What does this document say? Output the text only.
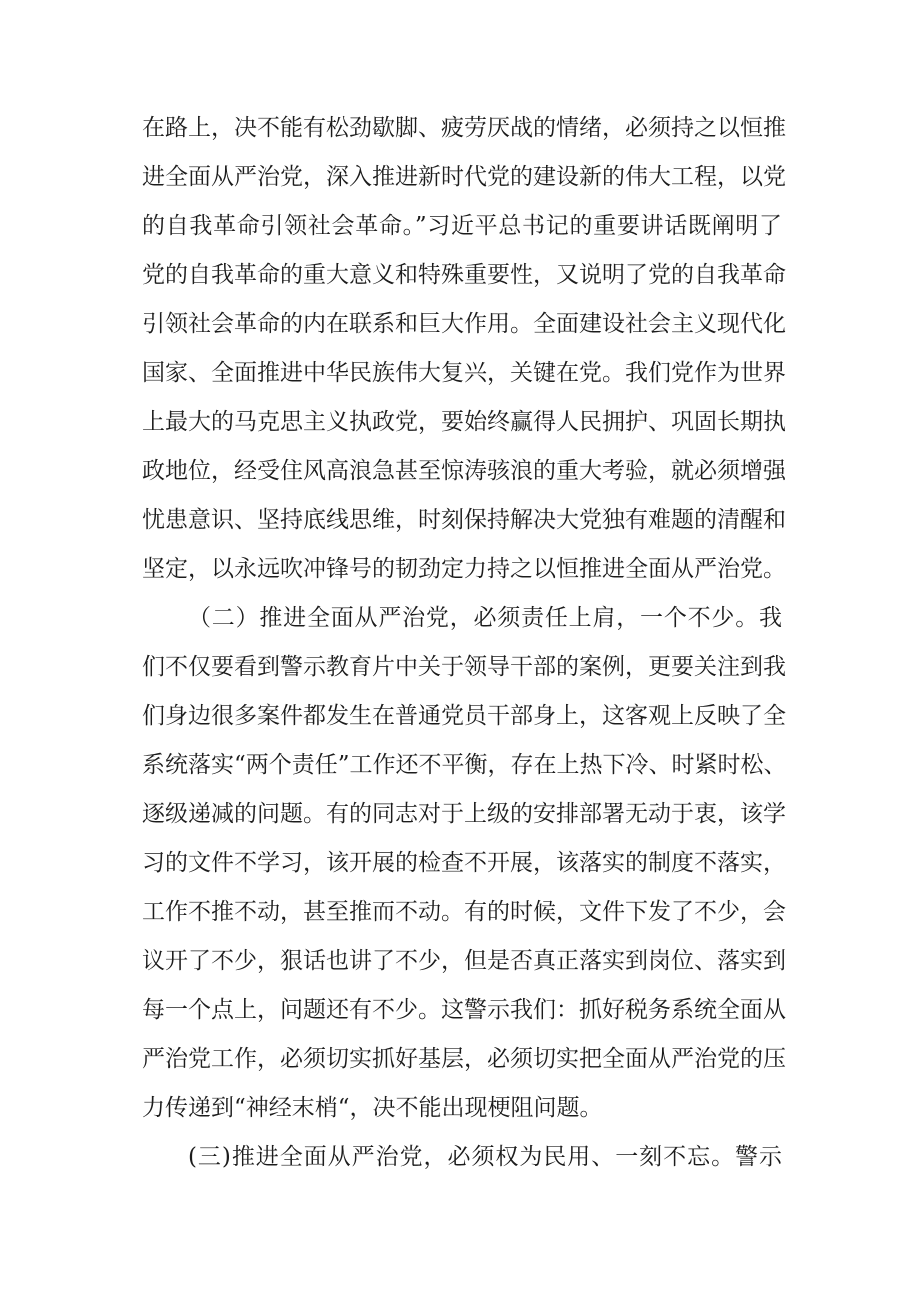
在路上，决不能有松劲歇脚、疲劳厌战的情绪，必须持之以恒推
进全面从严治党，深入推进新时代党的建设新的伟大工程，以党
的自我革命引领社会革命。”习近平总书记的重要讲话既阐明了
党的自我革命的重大意义和特殊重要性，又说明了党的自我革命
引领社会革命的内在联系和巨大作用。全面建设社会主义现代化
国家、全面推进中华民族伟大复兴，关键在党。我们党作为世界
上最大的马克思主义执政党，要始终赢得人民拥护、巩固长期执
政地位，经受住风高浪急甚至惊涛骇浪的重大考验，就必须增强
忧患意识、坚持底线思维，时刻保持解决大党独有难题的清醒和
坚定，以永远吹冲锋号的韧劲定力持之以恒推进全面从严治党。
（二）推进全面从严治党，必须责任上肩，一个不少。我
们不仅要看到警示教育片中关于领导干部的案例，更要关注到我
们身边很多案件都发生在普通党员干部身上，这客观上反映了全
系统落实“两个责任”工作还不平衡，存在上热下冷、时紧时松、
逐级递减的问题。有的同志对于上级的安排部署无动于衷，该学
习的文件不学习，该开展的检查不开展，该落实的制度不落实，
工作不推不动，甚至推而不动。有的时候，文件下发了不少，会
议开了不少，狠话也讲了不少，但是否真正落实到岗位、落实到
每一个点上，问题还有不少。这警示我们：抓好税务系统全面从
严治党工作，必须切实抓好基层，必须切实把全面从严治党的压
力传递到“神经末梢“，决不能出现梗阻问题。
(三)推进全面从严治党，必须权为民用、一刻不忘。警示
